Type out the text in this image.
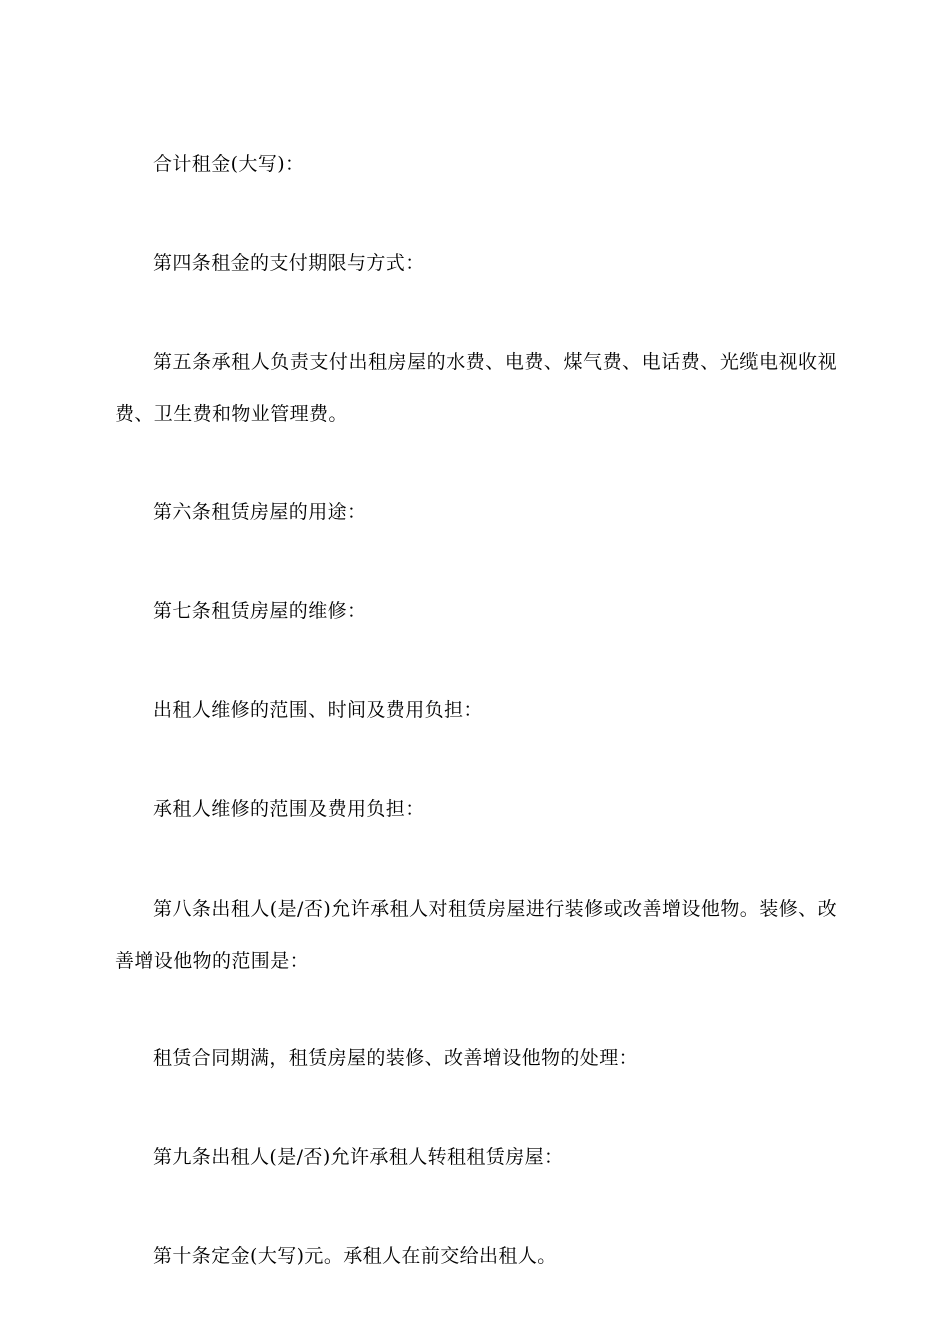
合计租金(大写)：

第四条租金的支付期限与方式：

第五条承租人负责支付出租房屋的水费、电费、煤气费、电话费、光缆电视收视费、卫生费和物业管理费。

第六条租赁房屋的用途：

第七条租赁房屋的维修：

出租人维修的范围、时间及费用负担：

承租人维修的范围及费用负担：

第八条出租人(是/否)允许承租人对租赁房屋进行装修或改善增设他物。装修、改善增设他物的范围是：

租赁合同期满，租赁房屋的装修、改善增设他物的处理：

第九条出租人(是/否)允许承租人转租租赁房屋：

第十条定金(大写)元。承租人在前交给出租人。
